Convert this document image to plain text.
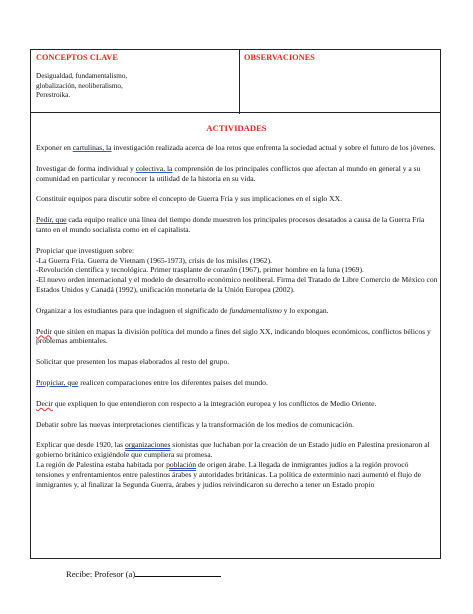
CONCEPTOS CLAVE
Desigualdad, fundamentalismo,
globalización, neoliberalismo,
Perestroika.
OBSERVACIONES
ACTIVIDADES

Exponer en cartulinas, la investigación realizada acerca de loa retos que enfrenta la sociedad actual y sobre el futuro de los jóvenes.

Investigar de forma individual y colectiva, la comprensión de los principales conflictos que afectan al mundo en general y a su comunidad en particular y reconocer la utilidad de la historia en su vida.

Constituir equipos para discutir sobre el concepto de Guerra Fría y sus implicaciones en el siglo XX.

Pedir, que cada equipo realice una línea del tiempo donde muestren los principales procesos desatados a causa de la Guerra Fría tanto en el mundo socialista como en el capitalista.

Propiciar que investiguen sobre:
-La Guerra Fría. Guerra de Vietnam (1965-1973), crisis de los misiles (1962).
-Revolución científica y tecnológica. Primer trasplante de corazón (1967), primer hombre en la luna (1969).
-El nuevo orden internacional y el modelo de desarrollo económico neoliberal. Firma del Tratado de Libre Comercio de México con Estados Unidos y Canadá (1992), unificación monetaria de la Unión Europea (2002).

Organizar a los estudiantes para que indaguen el significado de fundamentalismo y lo expongan.

Pedir que sitúen en mapas la división política del mundo a fines del siglo XX, indicando bloques económicos, conflictos bélicos y problemas ambientales.

Solicitar que presenten los mapas elaborados al resto del grupo.

Propiciar, que realicen comparaciones entre los diferentes países del mundo.

Decir que expliquen lo que entendieron con respecto a la integración europea y los conflictos de Medio Oriente.

Debatir sobre las nuevas interpretaciones científicas y la transformación de los medios de comunicación.

Explicar que desde 1920, las organizaciones sionistas que luchaban por la creación de un Estado judío en Palestina presionaron al gobierno británico exigiéndole que cumpliera su promesa.
La región de Palestina estaba habitada por población de origen árabe. La llegada de inmigrantes judíos a la región provocó tensiones y enfrentamientos entre palestinos árabes y autoridades británicas. La política de exterminio nazi aumentó el flujo de inmigrantes y, al finalizar la Segunda Guerra, árabes y judíos reivindicaron su derecho a tener un Estado propio

Recibe: Profesor (a)
